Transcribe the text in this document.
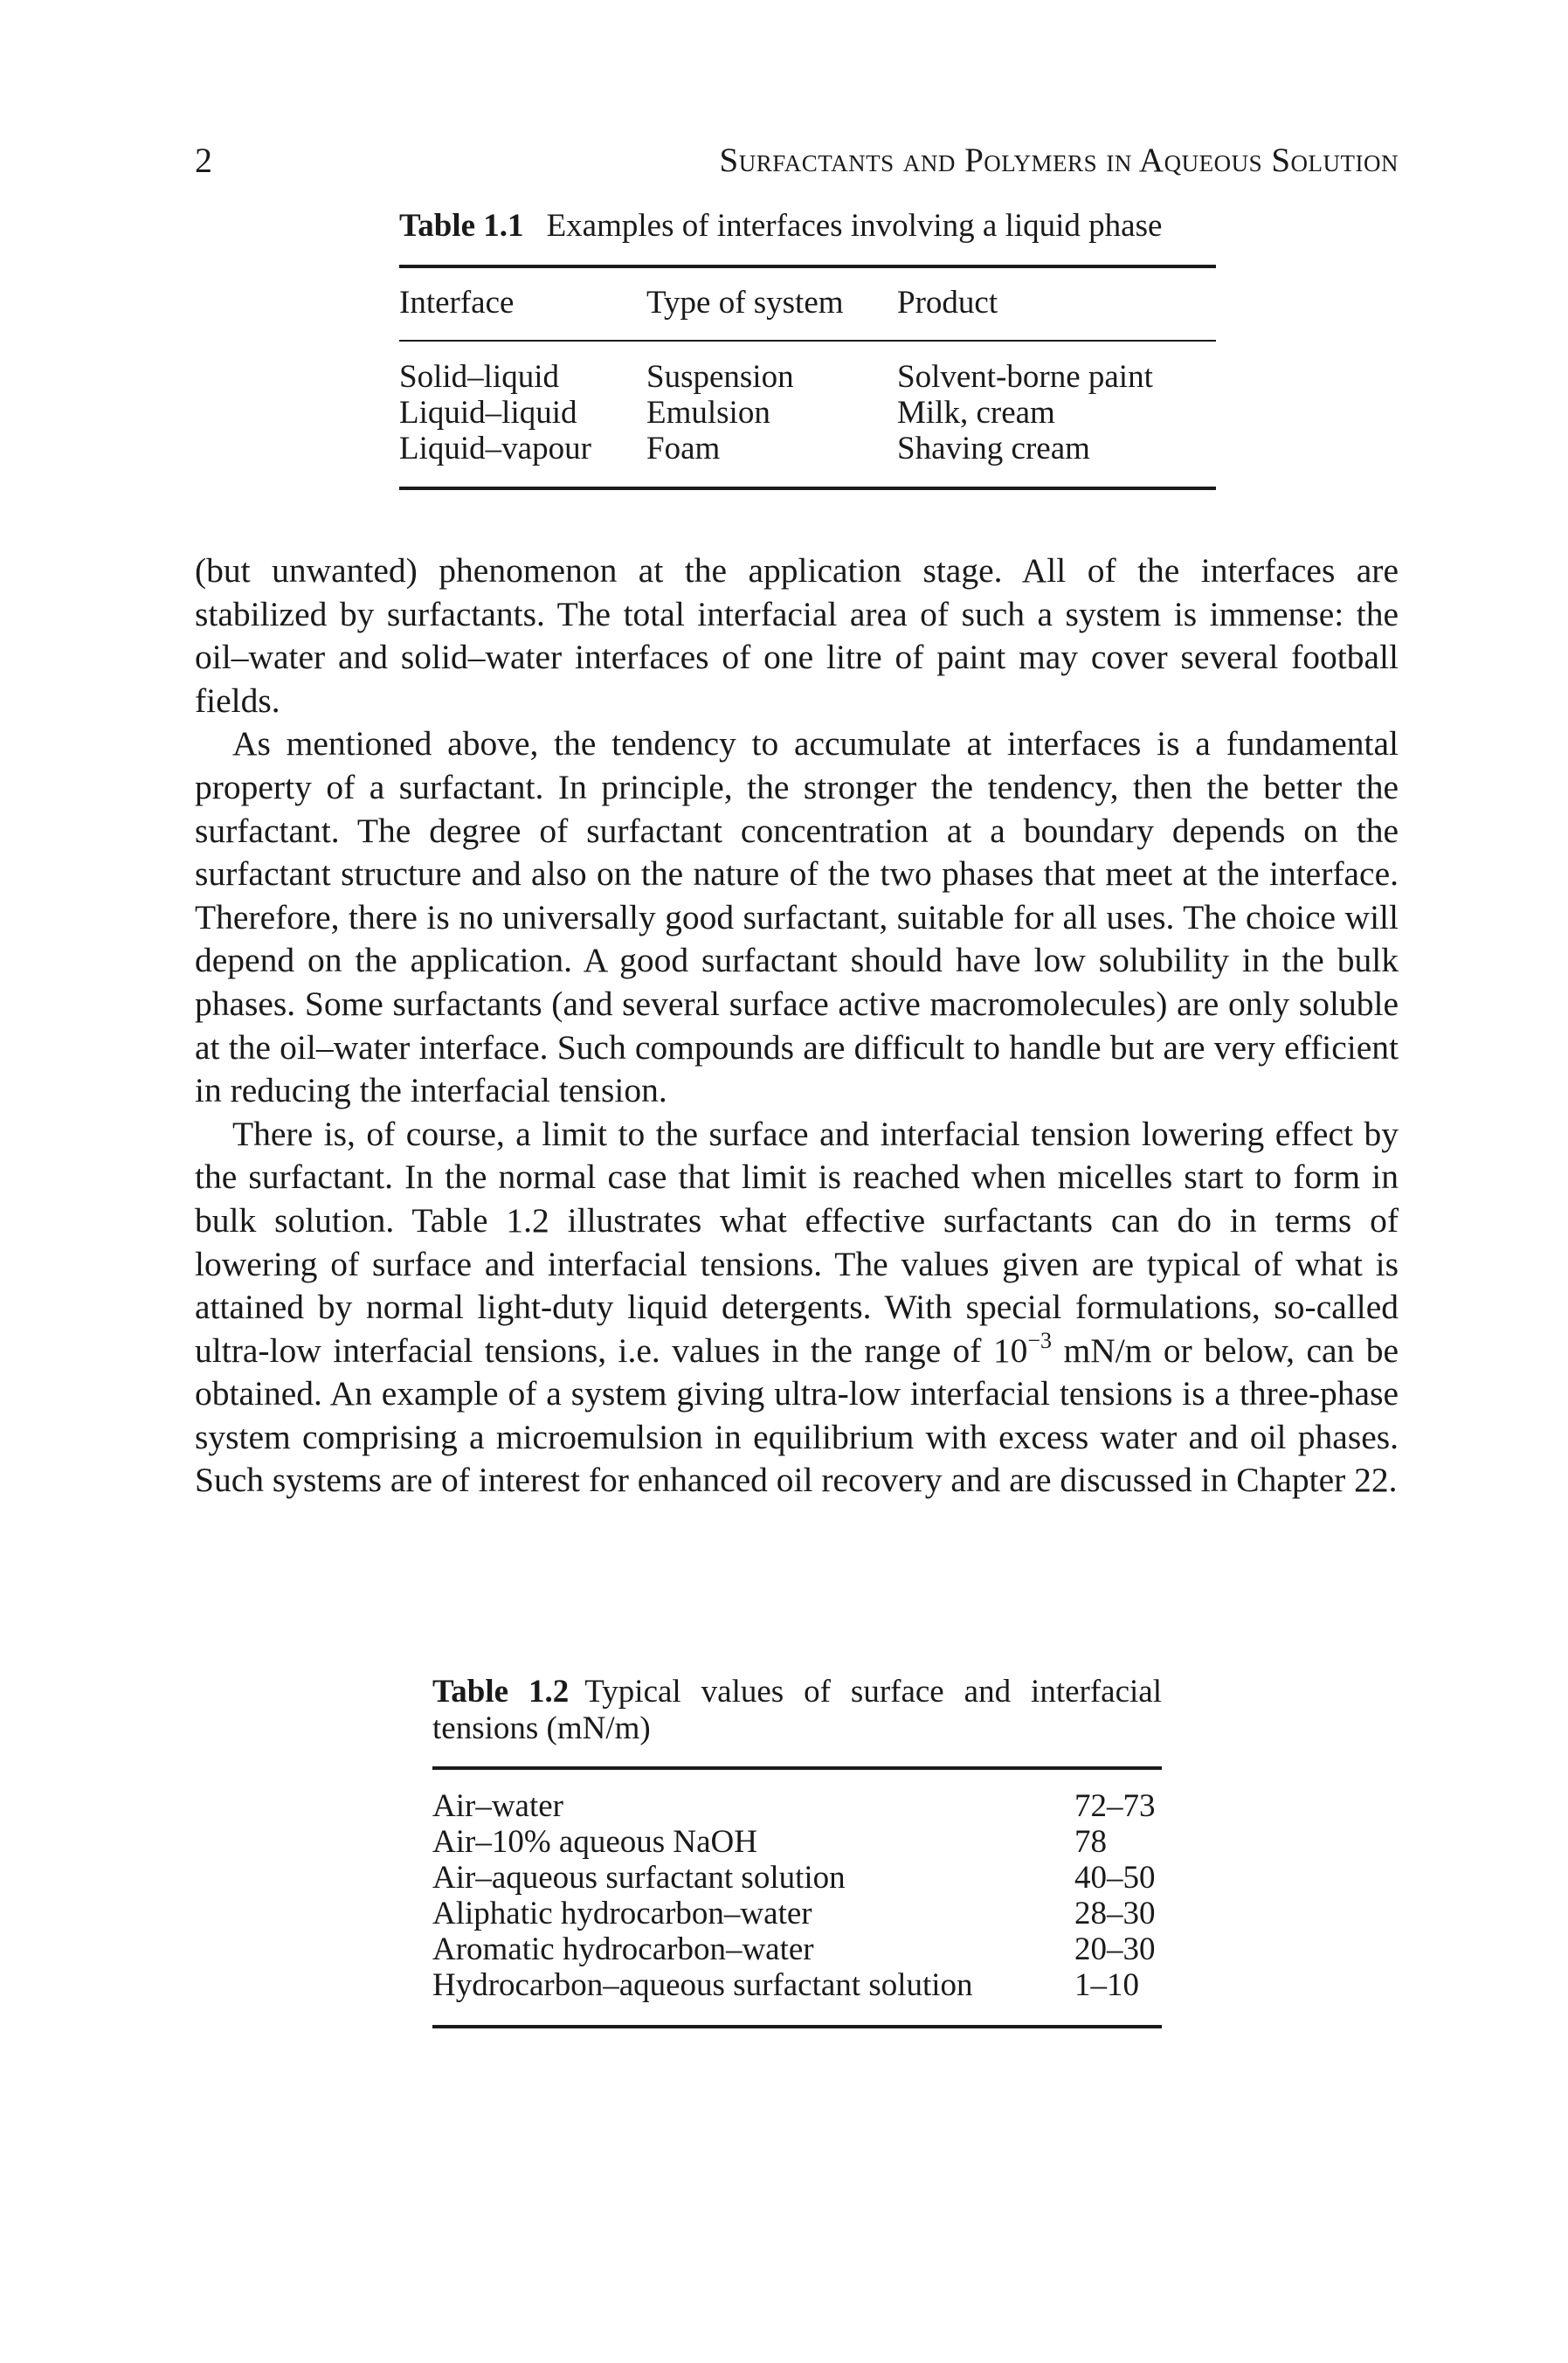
2	Surfactants and Polymers in Aqueous Solution
Table 1.1 Examples of interfaces involving a liquid phase
Interface	Type of system	Product
Solid–liquid	Suspension	Solvent-borne paint
Liquid–liquid	Emulsion	Milk, cream
Liquid–vapour	Foam	Shaving cream

(but unwanted) phenomenon at the application stage. All of the interfaces are stabilized by surfactants. The total interfacial area of such a system is immense: the oil–water and solid–water interfaces of one litre of paint may cover several football fields.

As mentioned above, the tendency to accumulate at interfaces is a fundamental property of a surfactant. In principle, the stronger the tendency, then the better the surfactant. The degree of surfactant concentration at a boundary depends on the surfactant structure and also on the nature of the two phases that meet at the interface. Therefore, there is no universally good surfactant, suitable for all uses. The choice will depend on the application. A good surfactant should have low solubility in the bulk phases. Some surfactants (and several surface active macromolecules) are only soluble at the oil–water interface. Such compounds are difficult to handle but are very efficient in reducing the interfacial tension.

There is, of course, a limit to the surface and interfacial tension lowering effect by the surfactant. In the normal case that limit is reached when micelles start to form in bulk solution. Table 1.2 illustrates what effective surfactants can do in terms of lowering of surface and interfacial tensions. The values given are typical of what is attained by normal light-duty liquid detergents. With special formulations, so-called ultra-low interfacial tensions, i.e. values in the range of $10^{-3}$ mN/m or below, can be obtained. An example of a system giving ultra-low interfacial tensions is a three-phase system comprising a microemulsion in equilibrium with excess water and oil phases. Such systems are of interest for enhanced oil recovery and are discussed in Chapter 22.

Table 1.2 Typical values of surface and interfacial tensions (mN/m)
Air–water	72–73
Air–10% aqueous NaOH	78
Air–aqueous surfactant solution	40–50
Aliphatic hydrocarbon–water	28–30
Aromatic hydrocarbon–water	20–30
Hydrocarbon–aqueous surfactant solution	1–10
